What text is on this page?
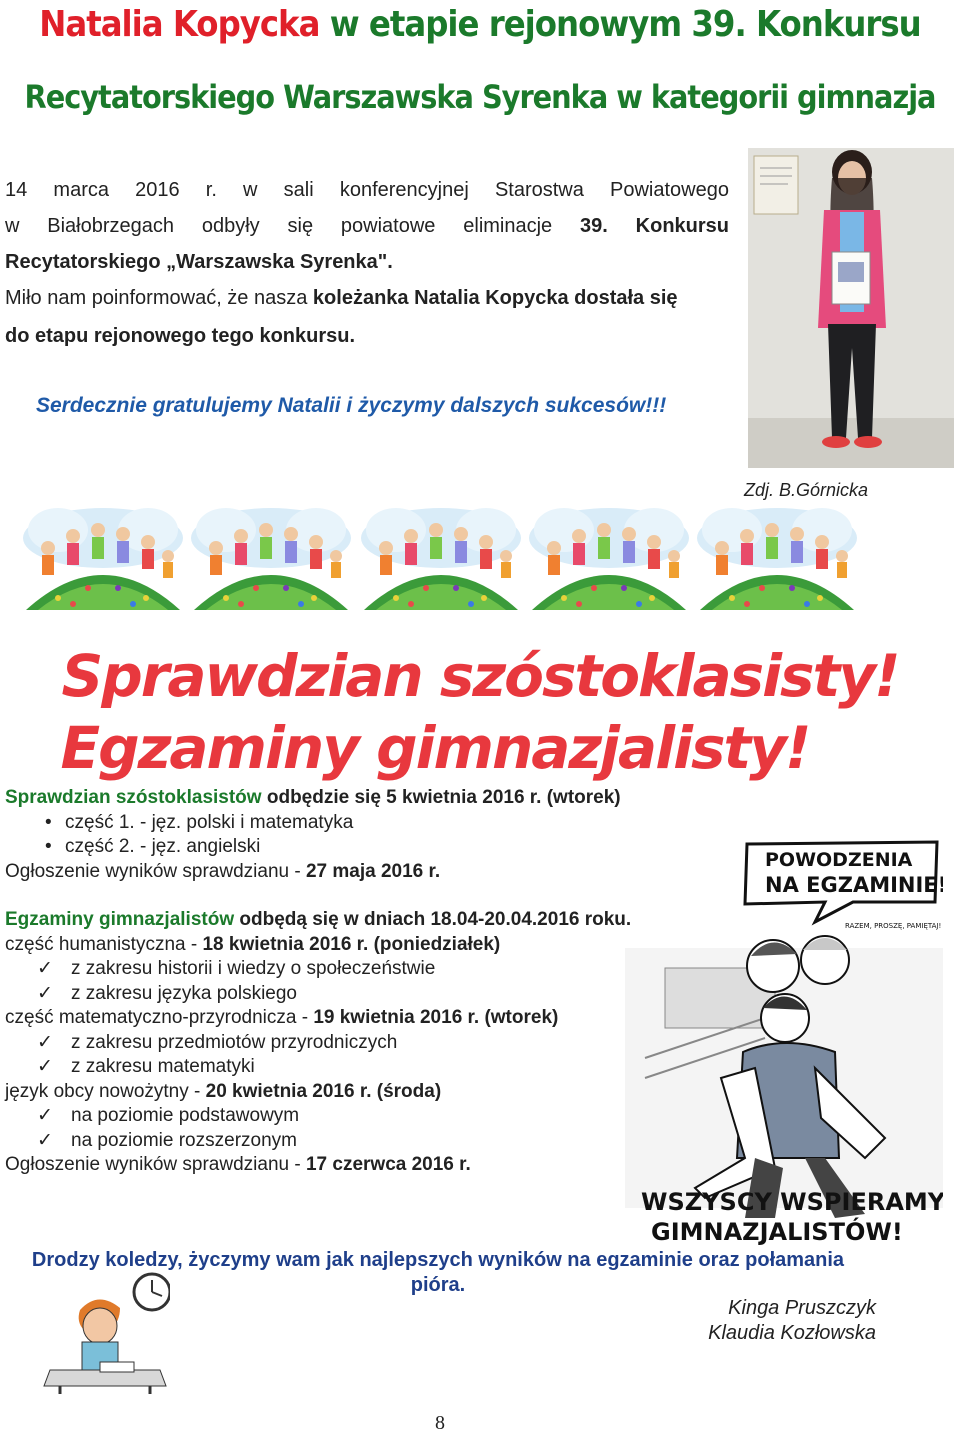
Natalia Kopycka w etapie rejonowym 39. Konkursu
Recytatorskiego Warszawska Syrenka w kategorii gimnazja
14 marca 2016 r. w sali konferencyjnej Starostwa Powiatowego
w Białobrzegach odbyły się powiatowe eliminacje 39. Konkursu
Recytatorskiego „Warszawska Syrenka".
Miło nam poinformować, że nasza koleżanka Natalia Kopycka dostała się
do etapu rejonowego tego konkursu.
Serdecznie gratulujemy Natalii i życzymy dalszych sukcesów!!!
Zdj. B.Górnicka
Sprawdzian szóstoklasisty!
Egzaminy gimnazjalisty!
Sprawdzian szóstoklasistów odbędzie się 5 kwietnia 2016 r. (wtorek)
• część 1. - jęz. polski i matematyka
• część 2. - jęz. angielski
Ogłoszenie wyników sprawdzianu - 27 maja 2016 r.
Egzaminy gimnazjalistów odbędą się w dniach 18.04-20.04.2016 roku.
część humanistyczna - 18 kwietnia 2016 r. (poniedziałek)
✓ z zakresu historii i wiedzy o społeczeństwie
✓ z zakresu języka polskiego
część matematyczno-przyrodnicza - 19 kwietnia 2016 r. (wtorek)
✓ z zakresu przedmiotów przyrodniczych
✓ z zakresu matematyki
język obcy nowożytny - 20 kwietnia 2016 r. (środa)
✓ na poziomie podstawowym
✓ na poziomie rozszerzonym
Ogłoszenie wyników sprawdzianu - 17 czerwca 2016 r.
POWODZENIA
NA EGZAMINIE!
RAZEM, PROSZĘ, PAMIĘTAJ!
WSZYSCY WSPIERAMY
GIMNAZJALISTÓW!
Drodzy koledzy, życzymy wam jak najlepszych wyników na egzaminie oraz połamania
pióra.
Kinga Pruszczyk
Klaudia Kozłowska
8
